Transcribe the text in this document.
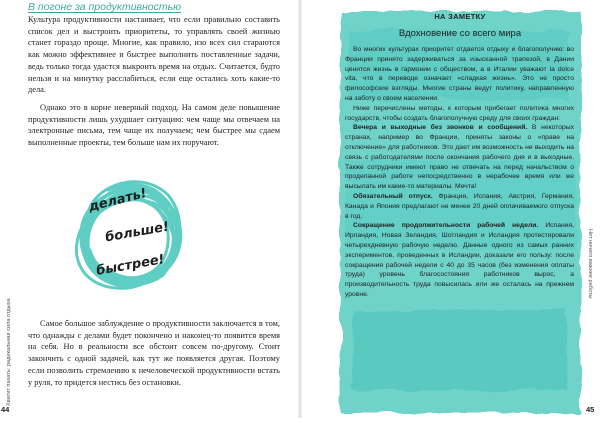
В погоне за продуктивностью
Культура продуктивности настаивает, что если правильно составить список дел и выстроить приоритеты, то управлять своей жизнью станет гораздо проще. Многие, как правило, изо всех сил стараются как можно эффективнее и быстрее выполнить поставленные задачи, ведь только тогда удастся выкроить время на отдых. Считается, будто нельзя и на минутку расслабиться, если еще остались хоть какие-то дела.
Однако это в корне неверный подход. На самом деле повышение продуктивности лишь ухудшает ситуацию: чем чаще мы отвечаем на электронные письма, тем чаще их получаем; чем быстрее мы сдаем выполненные проекты, тем больше нам их поручают.
делать!
больше!
быстрее!
Самое большое заблуждение о продуктивности заключается в том, что однажды с делами будет покончено и наконец-то появится время на себя. Но в реальности все обстоит совсем по-другому. Стоит закончить с одной задачей, как тут же появляется другая. Поэтому если позволить стремлению к нечеловеческой продуктивности встать у руля, то придется нестись без остановки.
Хватит пахать: радикальная сила отдыха
44
НА ЗАМЕТКУ
Вдохновение со всего мира

Во многих культурах приоритет отдается отдыху и благополучию: во Франции принято задерживаться за изысканной трапезой, в Дании ценится жизнь в гармонии с обществом, а в Италии уважают la dolce vita, что в переводе означает «сладкая жизнь». Это не просто философские взгляды. Многие страны ведут политику, направленную на заботу о своем населении.

Ниже перечислены методы, к которым прибегает политика многих государств, чтобы создать благополучную среду для своих граждан:

Вечера и выходные без звонков и сообщений. В некоторых странах, например во Франции, приняты законы о «праве на отключение» для работников. Это дает им возможность не выходить на связь с работодателями после окончания рабочего дня и в выходные. Также сотрудники имеют право не отвечать на перед начальством о проделанной работе непосредственно в нерабочее время или же высылать им какие-то материалы. Мечта!

Обязательный отпуск. Франция, Испания, Австрия, Германия, Канада и Япония предлагают не менее 20 дней оплачиваемого отпуска в год.

Сокращение продолжительности рабочей недели. Испания, Ирландия, Новая Зеландия, Шотландия и Исландия протестировали четырехдневную рабочую неделю. Данные одного из самых ранних экспериментов, проведенных в Исландии, доказали его пользу: после сокращения рабочей недели с 40 до 35 часов (без изменения оплаты труда) уровень благосостояния работников вырос, а производительность труда повысилась или же осталась на прежнем уровне.	Нет ничего важнее работы
45
